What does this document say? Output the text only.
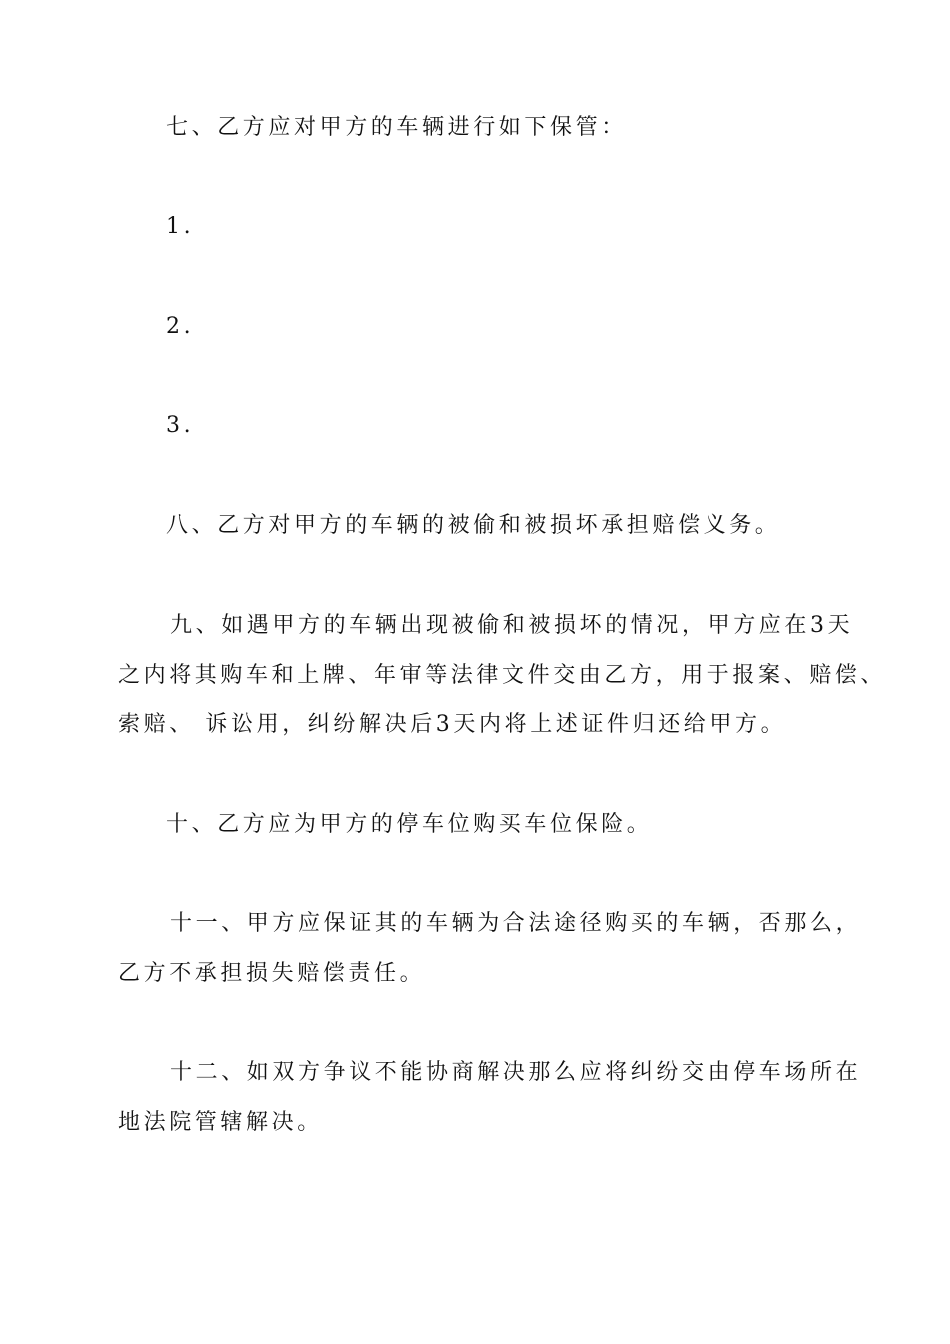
七、乙方应对甲方的车辆进行如下保管：
1.
2.
3.
八、乙方对甲方的车辆的被偷和被损坏承担赔偿义务。
九、如遇甲方的车辆出现被偷和被损坏的情况，甲方应在3天
之内将其购车和上牌、年审等法律文件交由乙方，用于报案、赔偿、
索赔、 诉讼用，纠纷解决后3天内将上述证件归还给甲方。
十、乙方应为甲方的停车位购买车位保险。
十一、甲方应保证其的车辆为合法途径购买的车辆，否那么，
乙方不承担损失赔偿责任。
十二、如双方争议不能协商解决那么应将纠纷交由停车场所在
地法院管辖解决。
